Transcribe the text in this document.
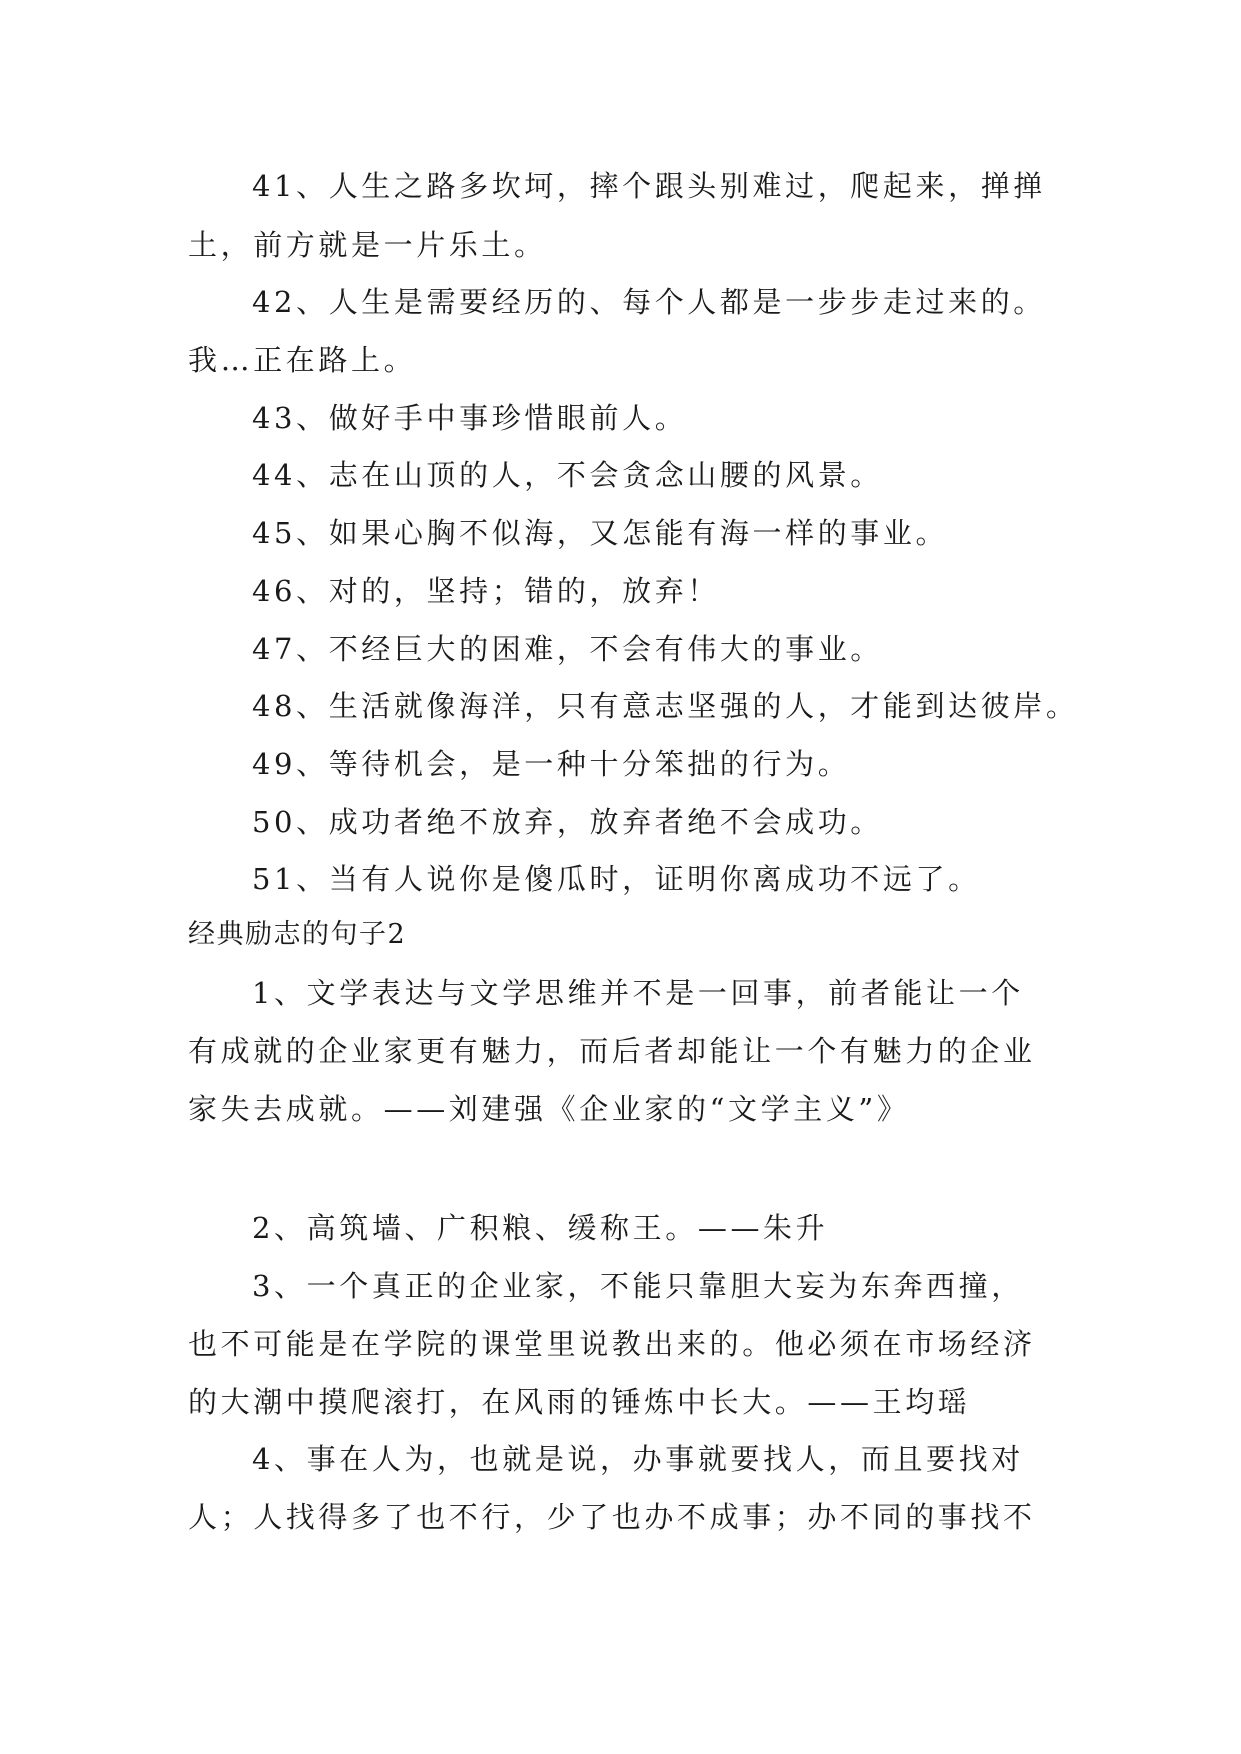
41、人生之路多坎坷，摔个跟头别难过，爬起来，掸掸
土，前方就是一片乐土。
42、人生是需要经历的、每个人都是一步步走过来的。
我…正在路上。
43、做好手中事珍惜眼前人。
44、志在山顶的人，不会贪念山腰的风景。
45、如果心胸不似海，又怎能有海一样的事业。
46、对的，坚持；错的，放弃！
47、不经巨大的困难，不会有伟大的事业。
48、生活就像海洋，只有意志坚强的人，才能到达彼岸。
49、等待机会，是一种十分笨拙的行为。
50、成功者绝不放弃，放弃者绝不会成功。
51、当有人说你是傻瓜时，证明你离成功不远了。
经典励志的句子2
1、文学表达与文学思维并不是一回事，前者能让一个
有成就的企业家更有魅力，而后者却能让一个有魅力的企业
家失去成就。——刘建强《企业家的“文学主义”》
2、高筑墙、广积粮、缓称王。——朱升
3、一个真正的企业家，不能只靠胆大妄为东奔西撞，
也不可能是在学院的课堂里说教出来的。他必须在市场经济
的大潮中摸爬滚打，在风雨的锤炼中长大。——王均瑶
4、事在人为，也就是说，办事就要找人，而且要找对
人；人找得多了也不行，少了也办不成事；办不同的事找不
